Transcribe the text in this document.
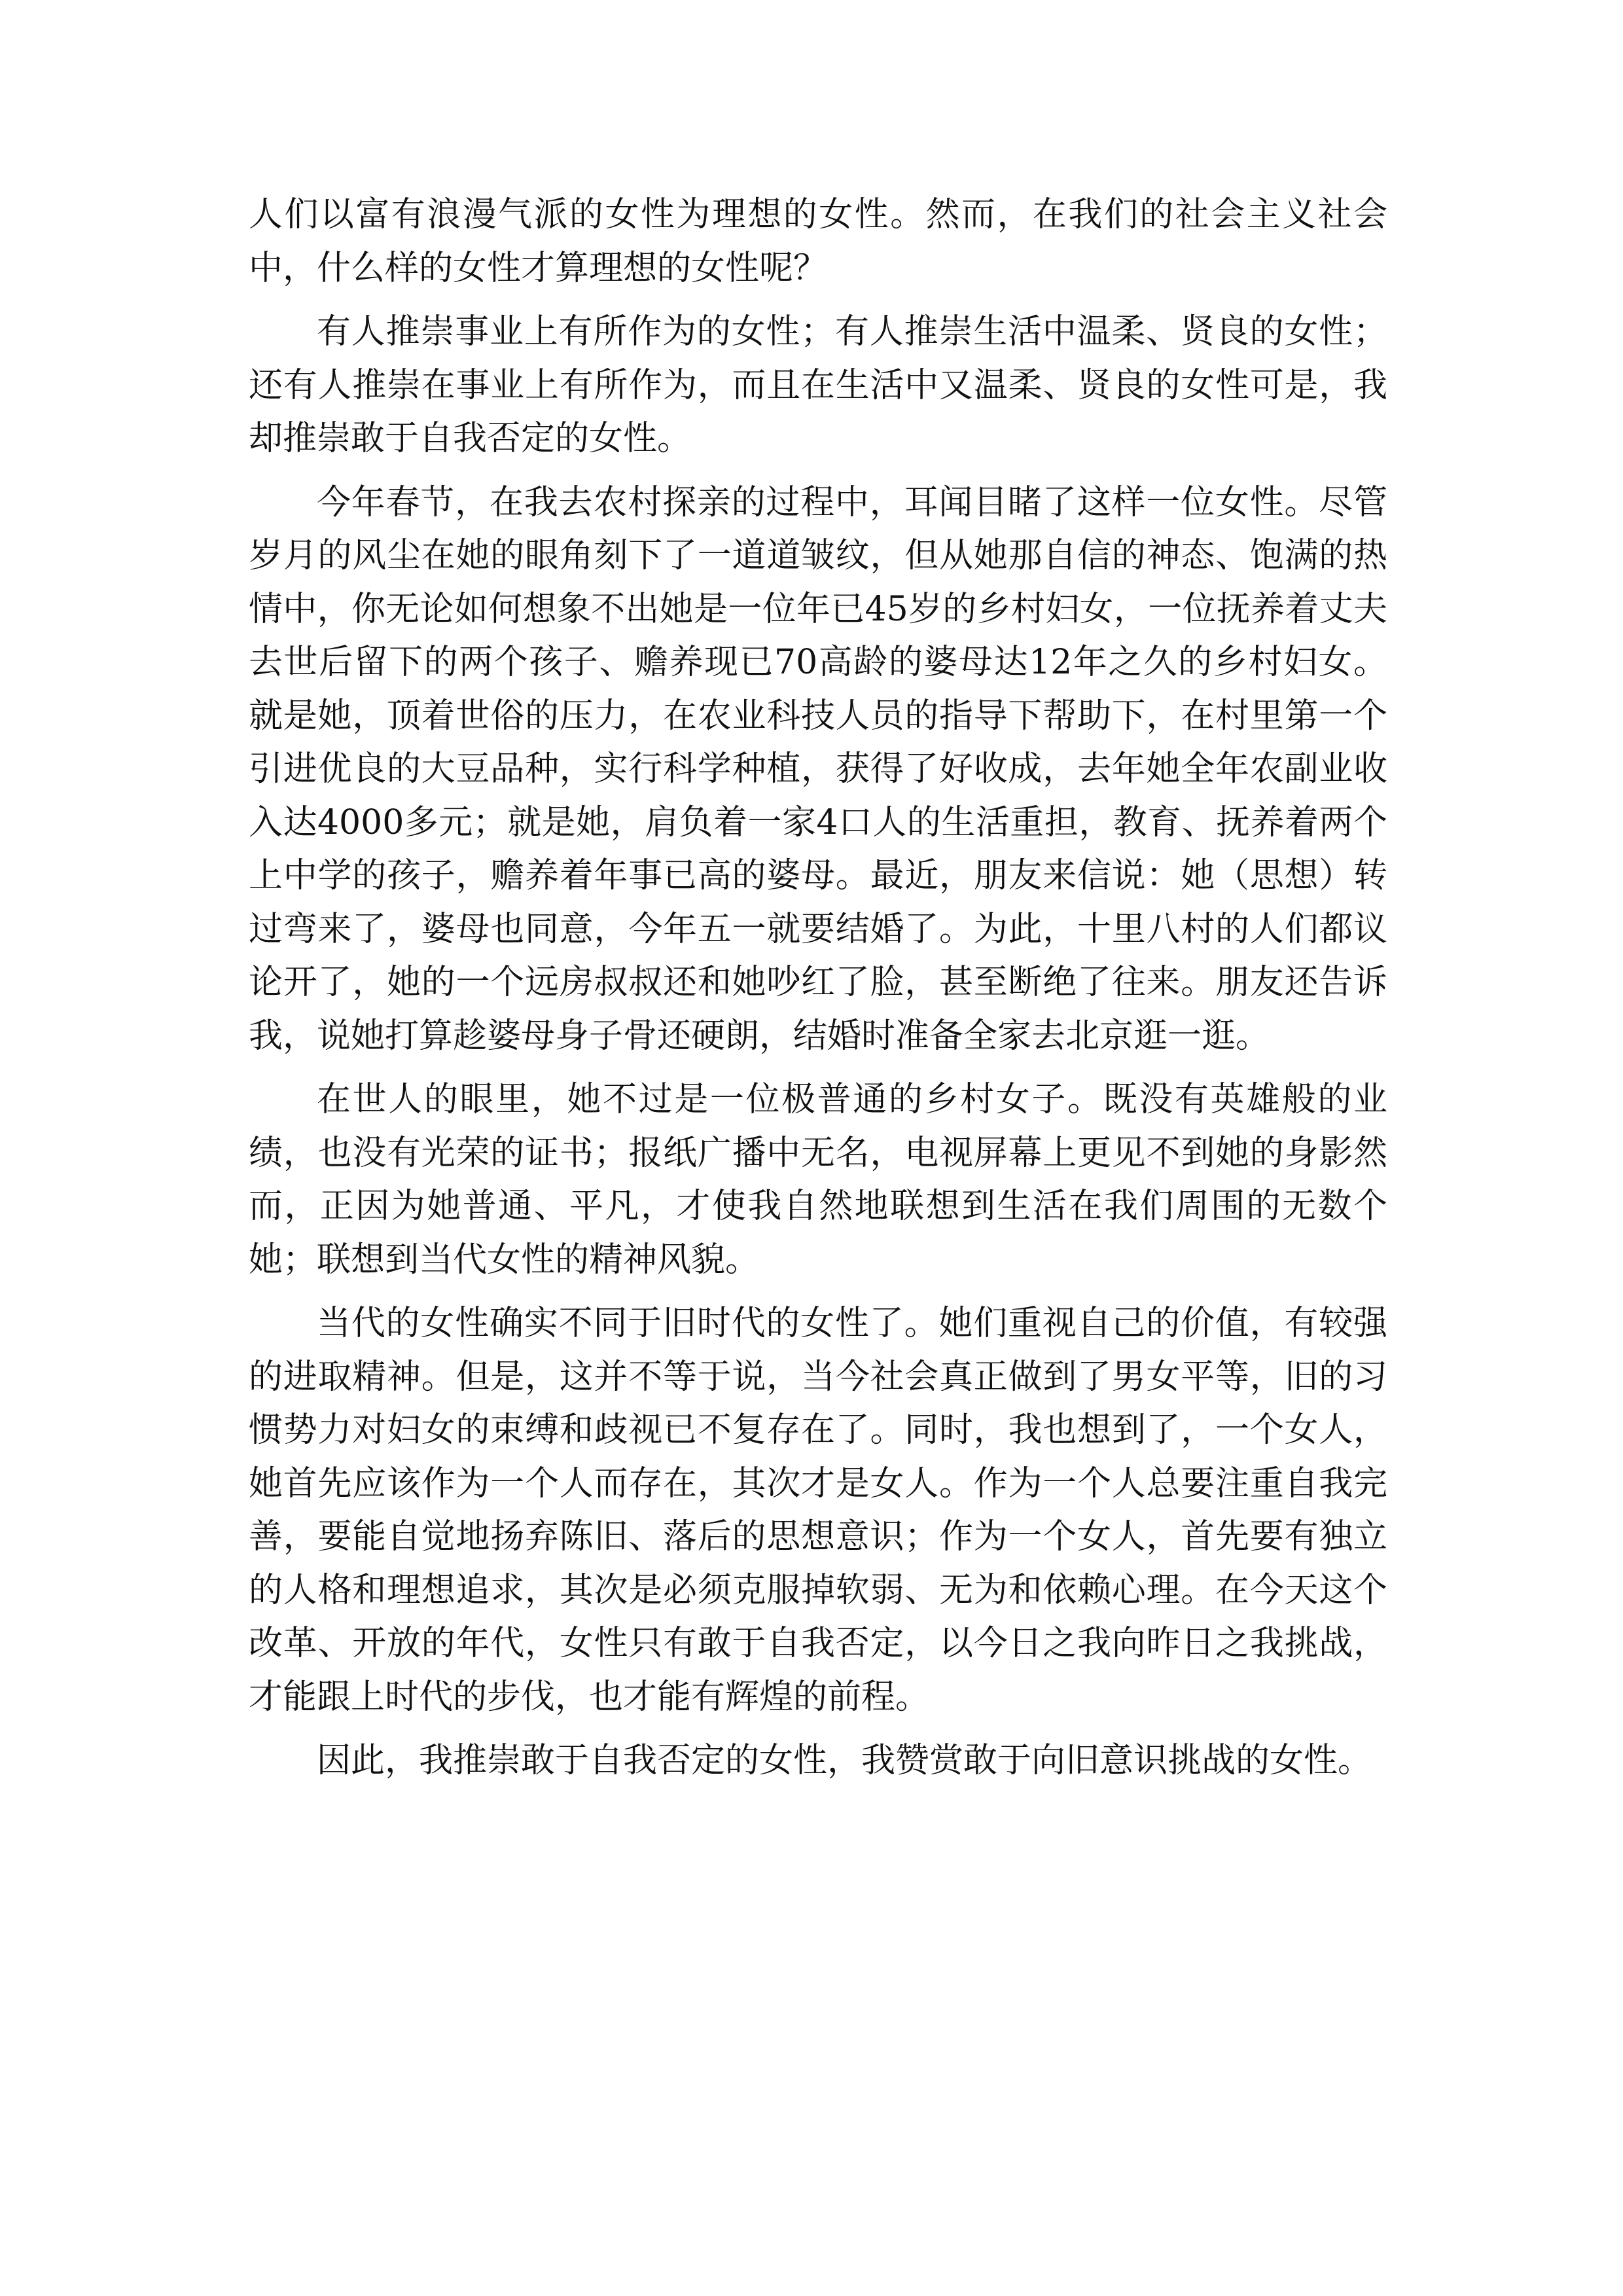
人们以富有浪漫气派的女性为理想的女性。然而，在我们的社会主义社会中，什么样的女性才算理想的女性呢？

有人推崇事业上有所作为的女性；有人推崇生活中温柔、贤良的女性；还有人推崇在事业上有所作为，而且在生活中又温柔、贤良的女性可是，我却推崇敢于自我否定的女性。

今年春节，在我去农村探亲的过程中，耳闻目睹了这样一位女性。尽管岁月的风尘在她的眼角刻下了一道道皱纹，但从她那自信的神态、饱满的热情中，你无论如何想象不出她是一位年已45岁的乡村妇女，一位抚养着丈夫去世后留下的两个孩子、赡养现已70高龄的婆母达12年之久的乡村妇女。就是她，顶着世俗的压力，在农业科技人员的指导下帮助下，在村里第一个引进优良的大豆品种，实行科学种植，获得了好收成，去年她全年农副业收入达4000多元；就是她，肩负着一家4口人的生活重担，教育、抚养着两个上中学的孩子，赡养着年事已高的婆母。最近，朋友来信说：她（思想）转过弯来了，婆母也同意，今年五一就要结婚了。为此，十里八村的人们都议论开了，她的一个远房叔叔还和她吵红了脸，甚至断绝了往来。朋友还告诉我，说她打算趁婆母身子骨还硬朗，结婚时准备全家去北京逛一逛。

在世人的眼里，她不过是一位极普通的乡村女子。既没有英雄般的业绩，也没有光荣的证书；报纸广播中无名，电视屏幕上更见不到她的身影然而，正因为她普通、平凡，才使我自然地联想到生活在我们周围的无数个她；联想到当代女性的精神风貌。

当代的女性确实不同于旧时代的女性了。她们重视自己的价值，有较强的进取精神。但是，这并不等于说，当今社会真正做到了男女平等，旧的习惯势力对妇女的束缚和歧视已不复存在了。同时，我也想到了，一个女人，她首先应该作为一个人而存在，其次才是女人。作为一个人总要注重自我完善，要能自觉地扬弃陈旧、落后的思想意识；作为一个女人，首先要有独立的人格和理想追求，其次是必须克服掉软弱、无为和依赖心理。在今天这个改革、开放的年代，女性只有敢于自我否定，以今日之我向昨日之我挑战，才能跟上时代的步伐，也才能有辉煌的前程。

因此，我推崇敢于自我否定的女性，我赞赏敢于向旧意识挑战的女性。
